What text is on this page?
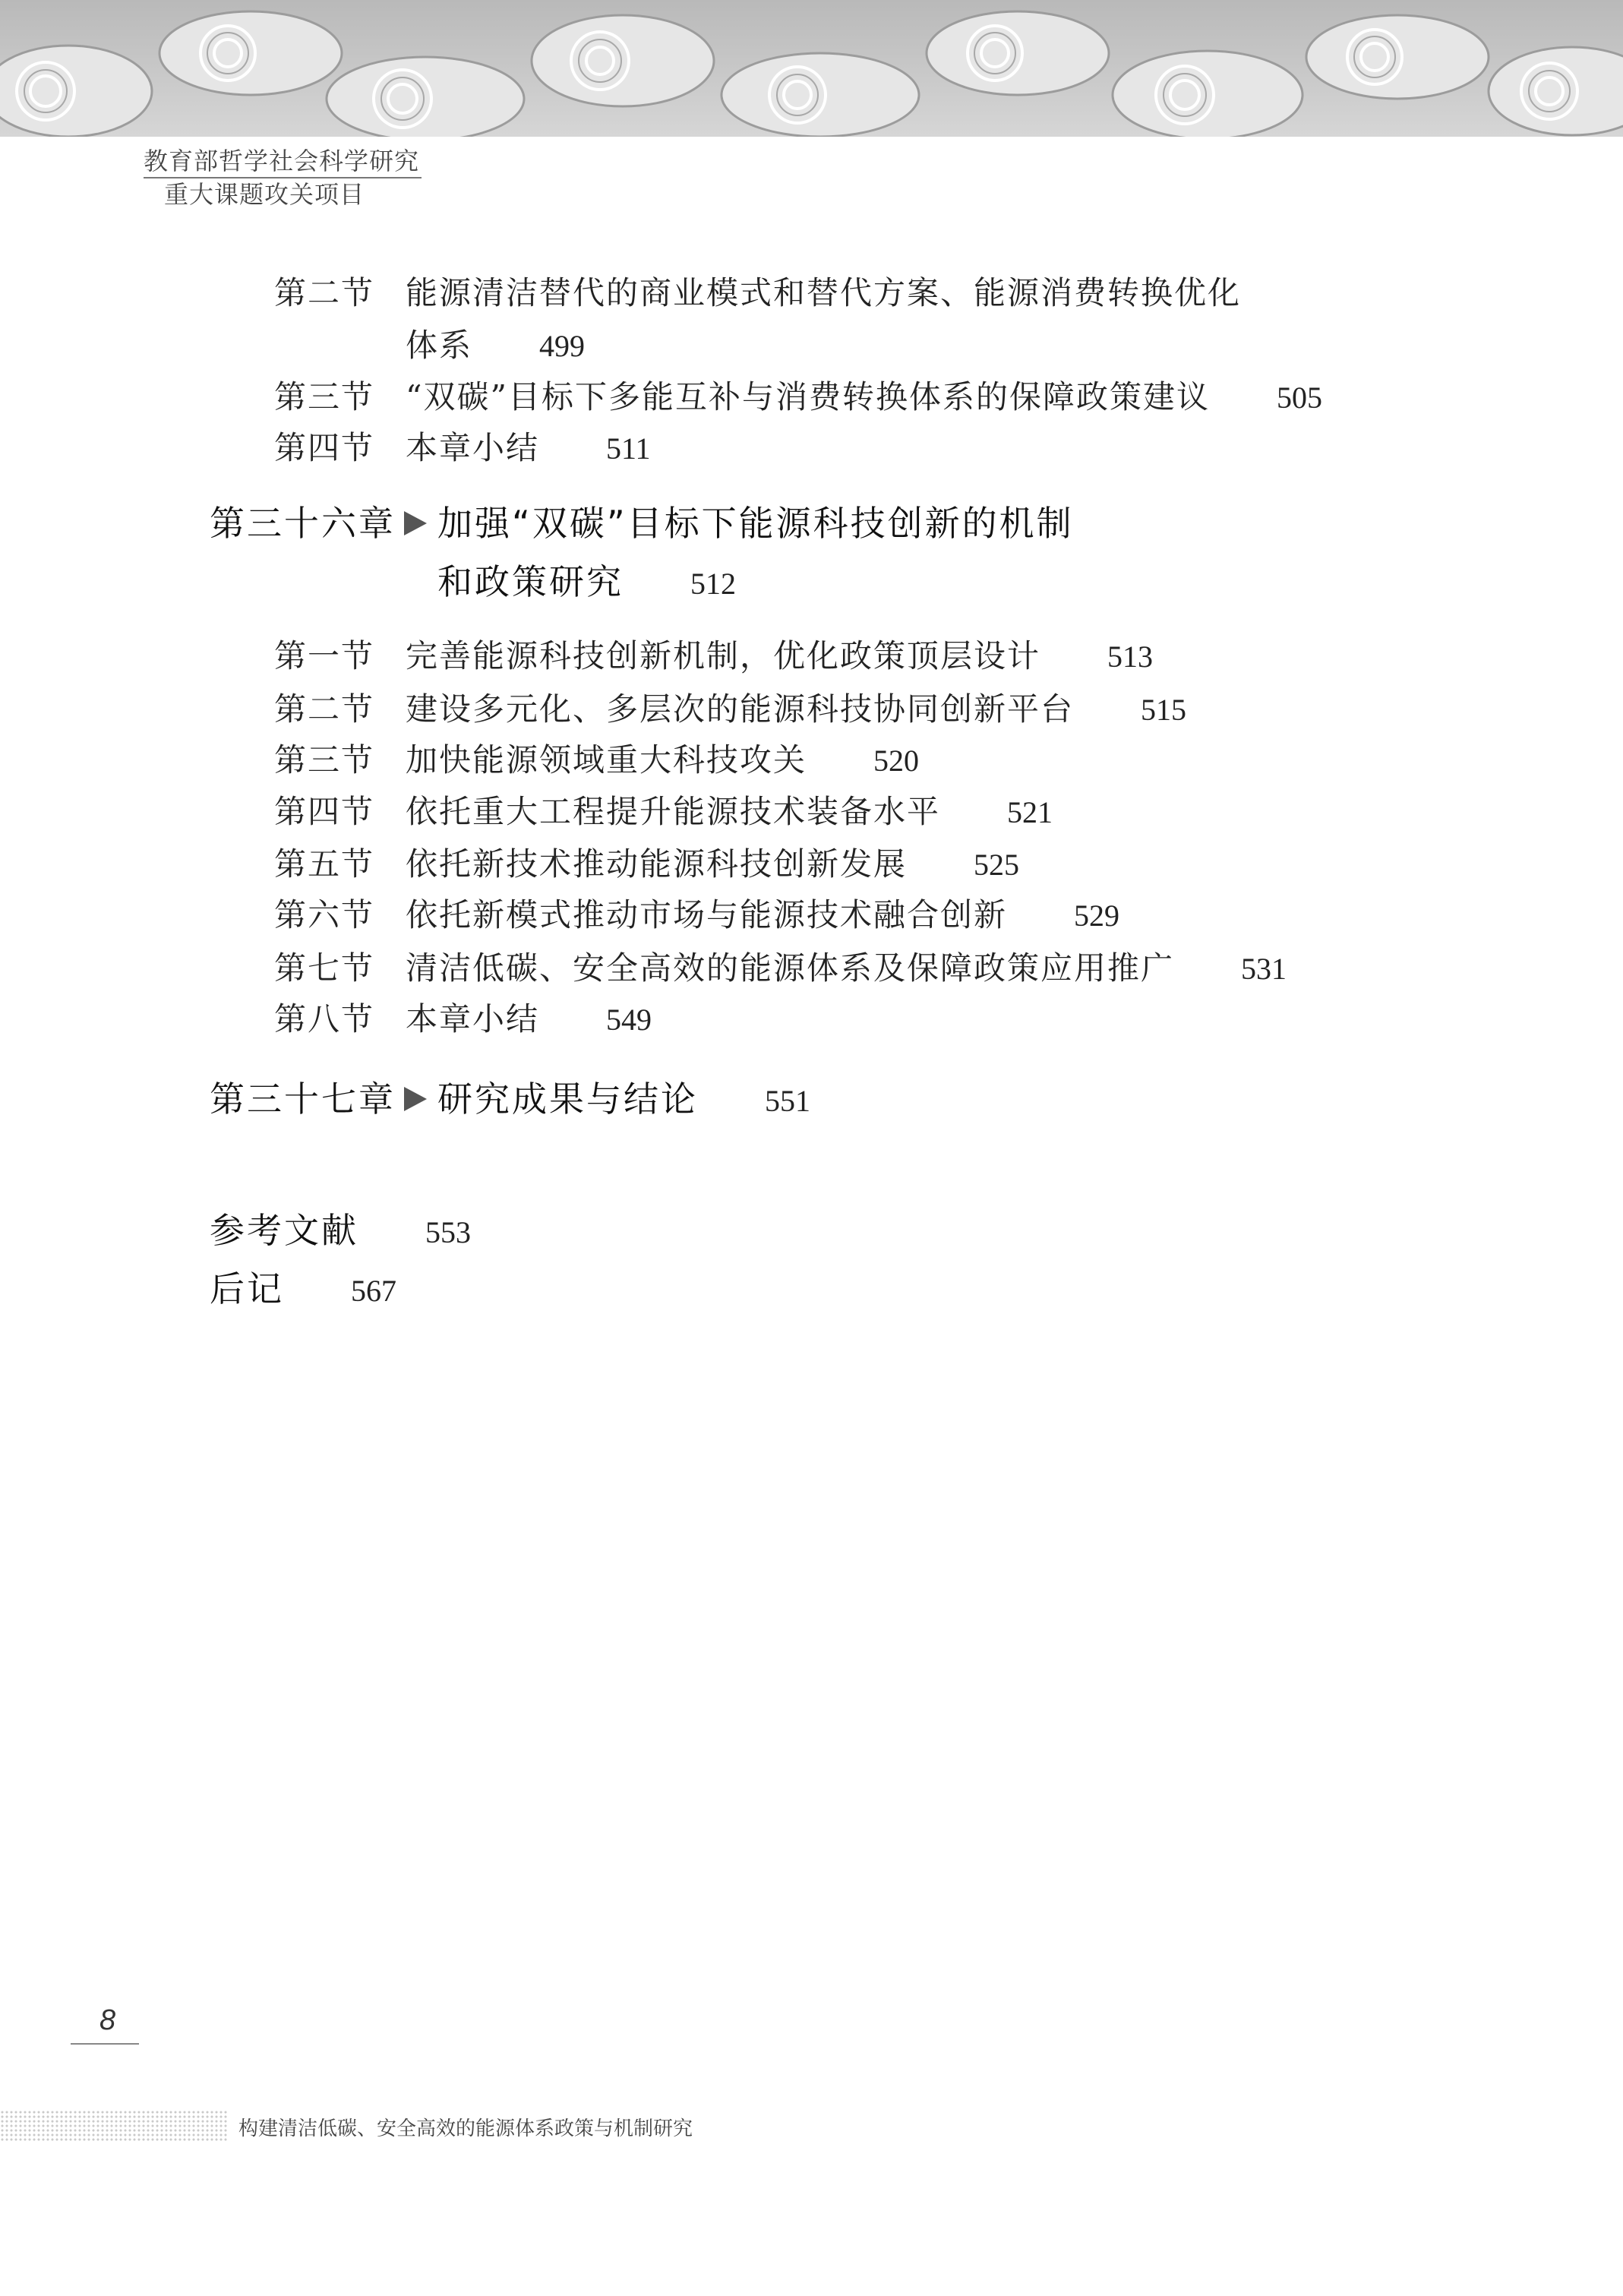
教育部哲学社会科学研究
重大课题攻关项目
第二节 能源清洁替代的商业模式和替代方案、能源消费转换优化
体系 499
第三节 “双碳”目标下多能互补与消费转换体系的保障政策建议 505
第四节 本章小结 511
第三十六章 加强“双碳”目标下能源科技创新的机制
和政策研究 512
第一节 完善能源科技创新机制，优化政策顶层设计 513
第二节 建设多元化、多层次的能源科技协同创新平台 515
第三节 加快能源领域重大科技攻关 520
第四节 依托重大工程提升能源技术装备水平 521
第五节 依托新技术推动能源科技创新发展 525
第六节 依托新模式推动市场与能源技术融合创新 529
第七节 清洁低碳、安全高效的能源体系及保障政策应用推广 531
第八节 本章小结 549
第三十七章 研究成果与结论 551
参考文献 553
后记 567
8
构建清洁低碳、安全高效的能源体系政策与机制研究
